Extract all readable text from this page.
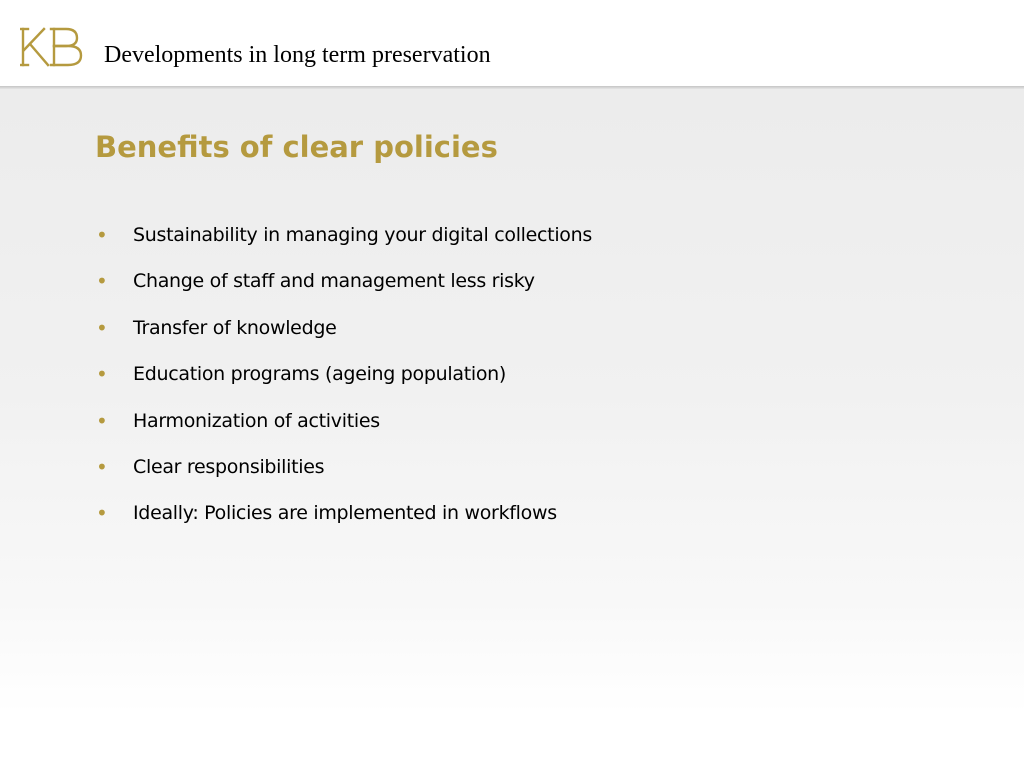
Developments in long term preservation
Benefits of clear policies
•	Sustainability in managing your digital collections
•	Change of staff and management less risky
•	Transfer of knowledge
•	Education programs (ageing population)
•	Harmonization of activities
•	Clear responsibilities
•	Ideally: Policies are implemented in workflows
